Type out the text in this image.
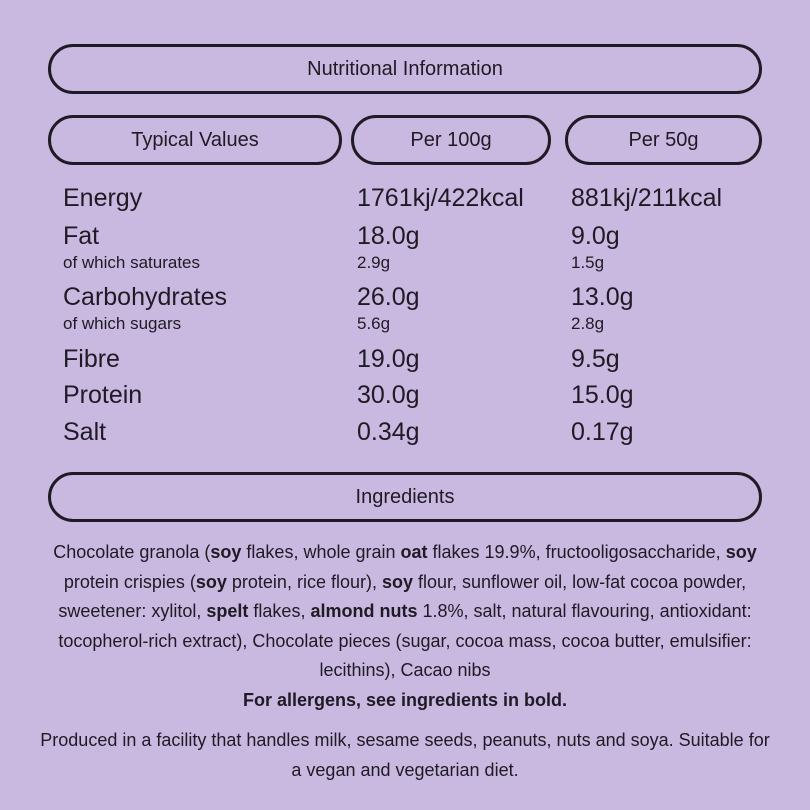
Nutritional Information
Typical Values	Per 100g	Per 50g
Energy	1761kj/422kcal 881kj/211kcal
Fat	18.0g	9.0g
of which saturates	2.9g	1.5g
Carbohydrates	26.0g	13.0g
of which sugars	5.6g	2.8g
Fibre	19.0g	9.5g
Protein	30.0g	15.0g
Salt	0.34g	0.17g
Ingredients

Chocolate granola (soy flakes, whole grain oat flakes 19.9%, fructooligosaccharide, soy protein crispies (soy protein, rice flour), soy flour, sunflower oil, low-fat cocoa powder, sweetener: xylitol, spelt flakes, almond nuts 1.8%, salt, natural flavouring, antioxidant: tocopherol-rich extract), Chocolate pieces (sugar, cocoa mass, cocoa butter, emulsifier: lecithins), Cacao nibs

For allergens, see ingredients in bold.

Produced in a facility that handles milk, sesame seeds, peanuts, nuts and soya. Suitable for a vegan and vegetarian diet.
